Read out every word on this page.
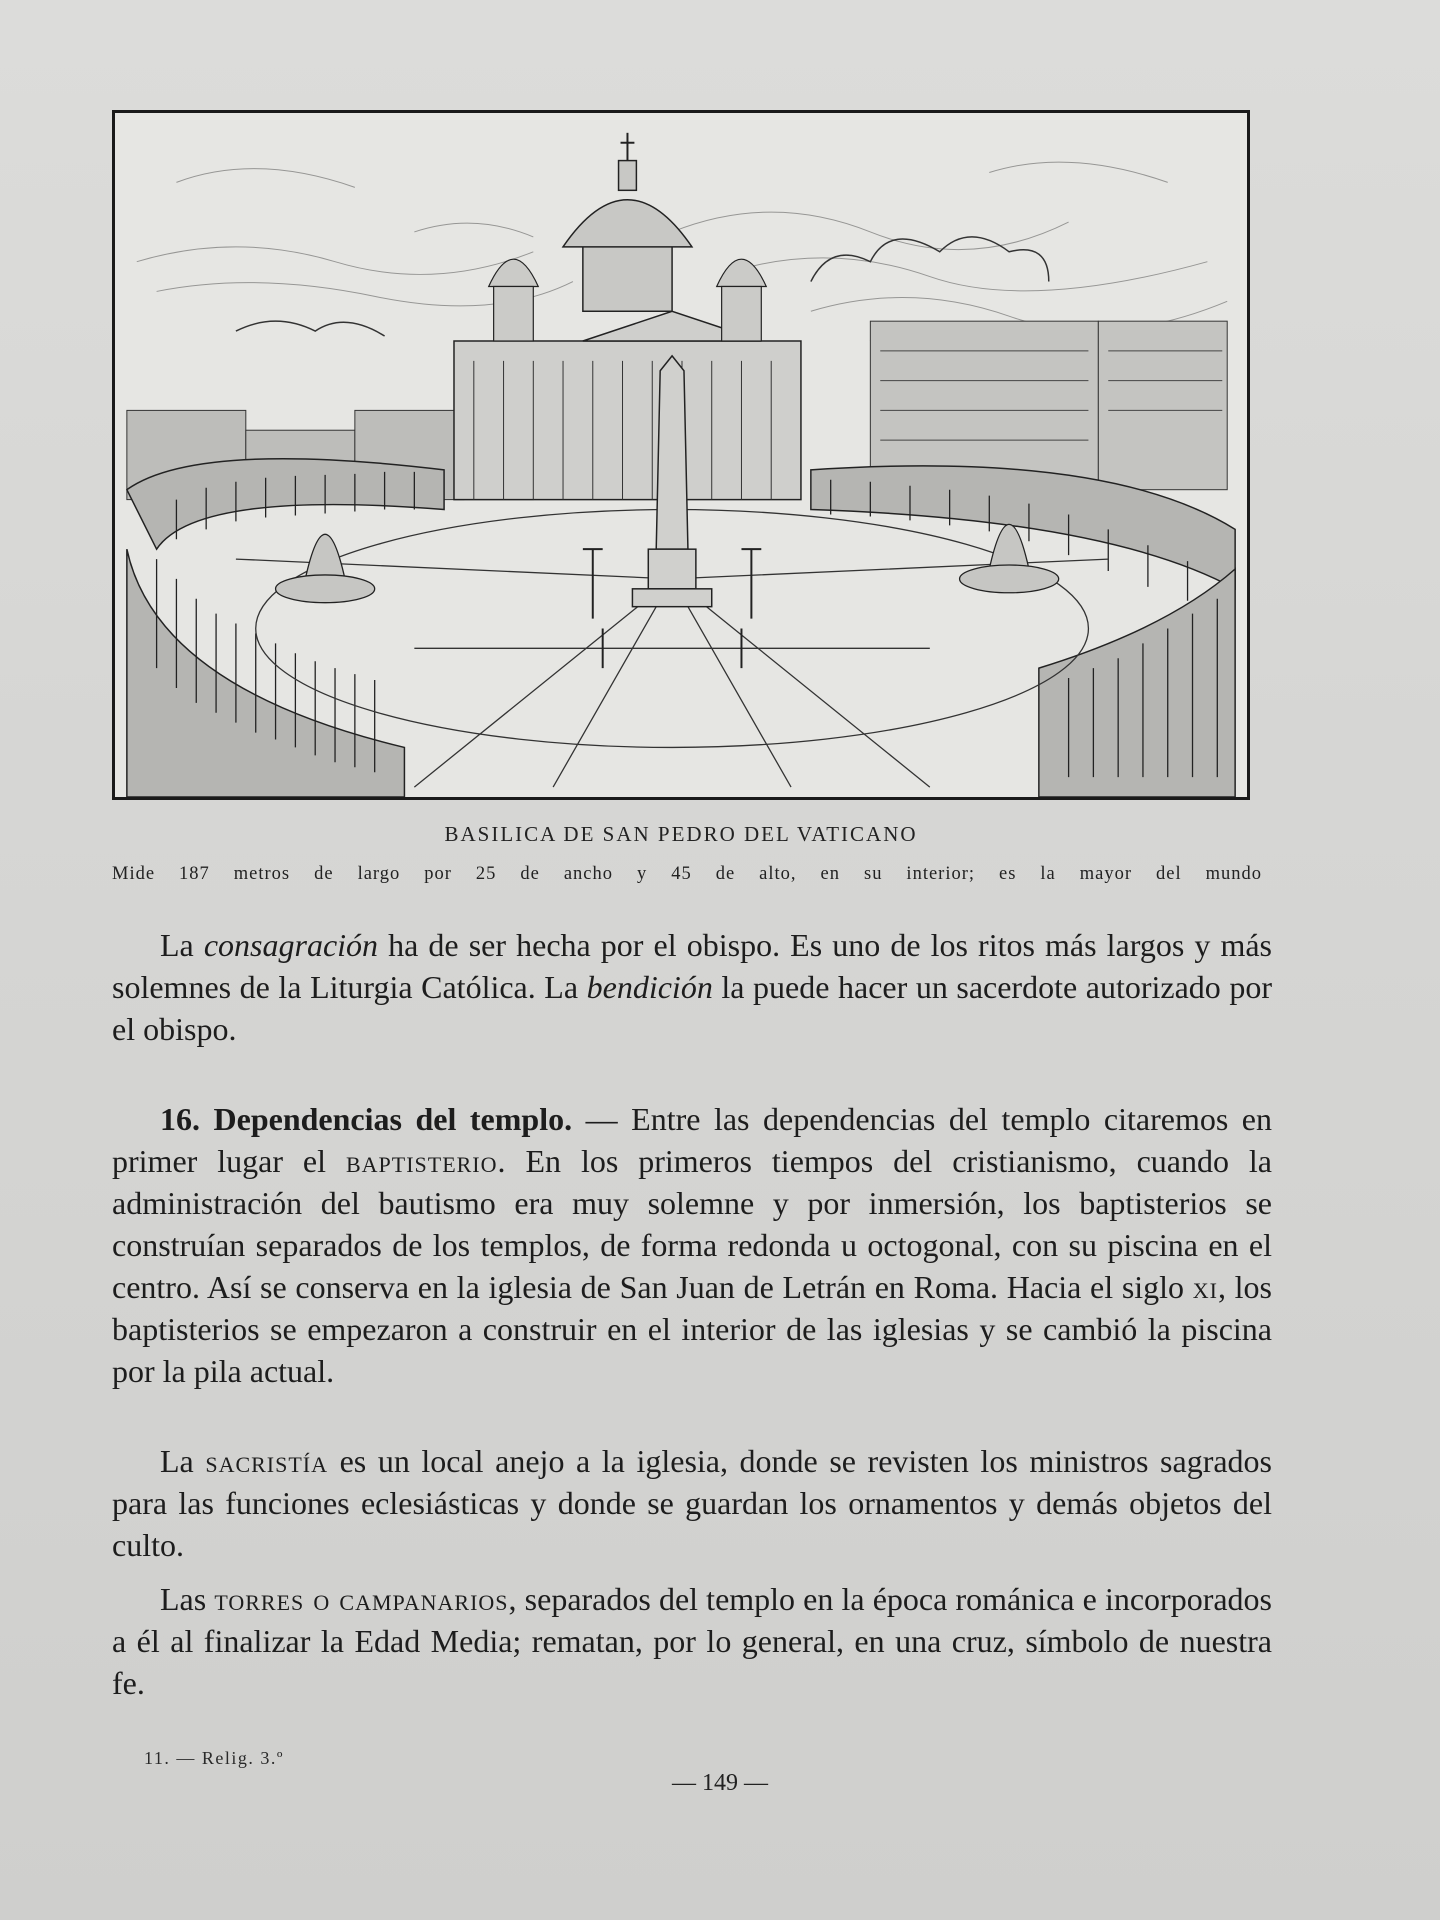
BASILICA DE SAN PEDRO DEL VATICANO
Mide 187 metros de largo por 25 de ancho y 45 de alto, en su interior; es la mayor del mundo

La consagración ha de ser hecha por el obispo. Es uno de los ritos más largos y más solemnes de la Liturgia Católica. La bendición la puede hacer un sacerdote autorizado por el obispo.

16. Dependencias del templo. — Entre las dependencias del templo citaremos en primer lugar el baptisterio. En los primeros tiempos del cristianismo, cuando la administración del bautismo era muy solemne y por inmersión, los baptisterios se construían separados de los templos, de forma redonda u octogonal, con su piscina en el centro. Así se conserva en la iglesia de San Juan de Letrán en Roma. Hacia el siglo xi, los baptisterios se empezaron a construir en el interior de las iglesias y se cambió la piscina por la pila actual.

La sacristía es un local anejo a la iglesia, donde se revisten los ministros sagrados para las funciones eclesiásticas y donde se guardan los ornamentos y demás objetos del culto.

Las torres o campanarios, separados del templo en la época románica e incorporados a él al finalizar la Edad Media; rematan, por lo general, en una cruz, símbolo de nuestra fe.

11. — Relig. 3.º
— 149 —
